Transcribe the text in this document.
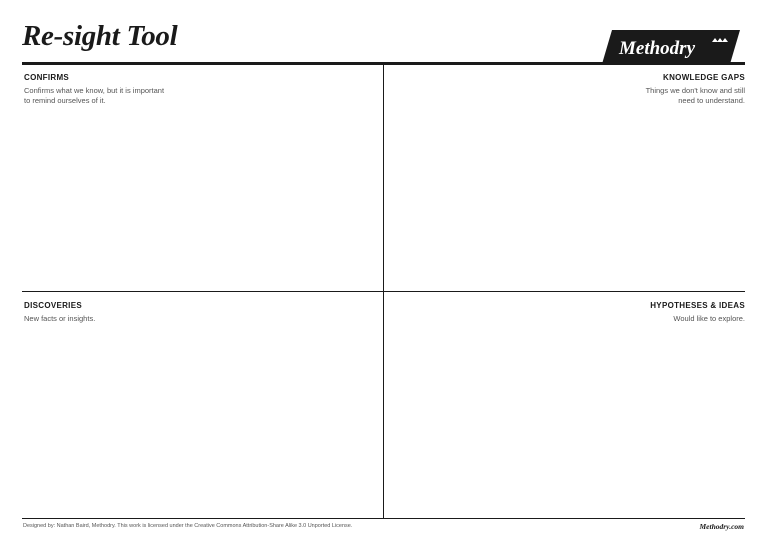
Re-sight Tool	Methodry

CONFIRMS

Confirms what we know, but it is important
to remind ourselves of it.

KNOWLEDGE GAPS

Things we don't know and still
need to understand.

DISCOVERIES

New facts or insights.

HYPOTHESES & IDEAS

Would like to explore.

Designed by: Nathan Baird, Methodry. This work is licensed under the Creative Commons Attribution-Share Alike 3.0 Unported License.	Methodry.com
